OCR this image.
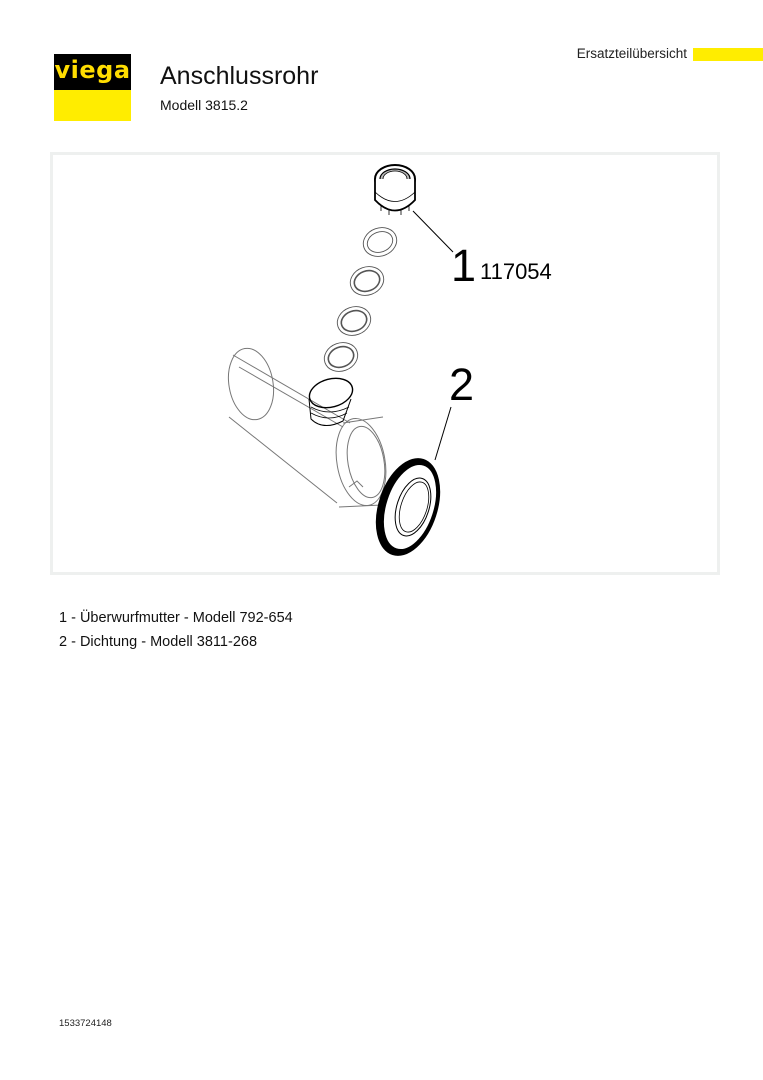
viega Anschlussrohr
Modell 3815.2
Ersatzteilübersicht
1 117054
2
1 - Überwurfmutter - Modell 792-654
2 - Dichtung - Modell 3811-268
1533724148
